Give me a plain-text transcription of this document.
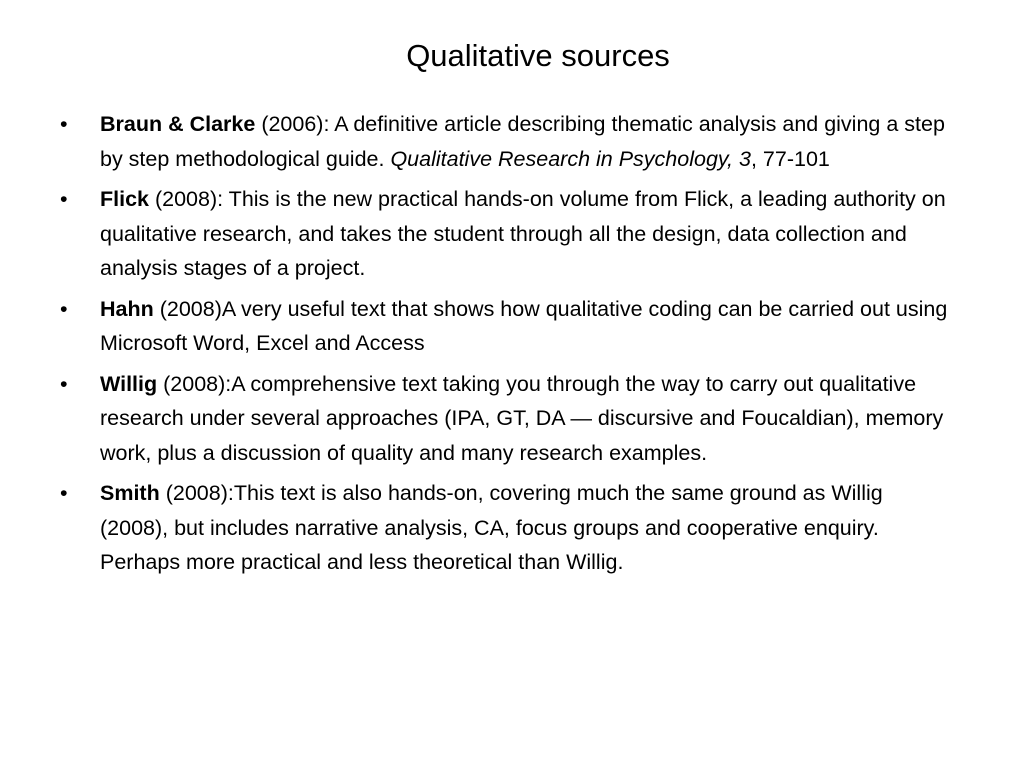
Qualitative sources
• Braun & Clarke (2006): A definitive article describing thematic analysis and giving a step by step methodological guide. Qualitative Research in Psychology, 3, 77-101
• Flick (2008): This is the new practical hands-on volume from Flick, a leading authority on qualitative research, and takes the student through all the design, data collection and analysis stages of a project.
• Hahn (2008)A very useful text that shows how qualitative coding can be carried out using Microsoft Word, Excel and Access
• Willig (2008):A comprehensive text taking you through the way to carry out qualitative research under several approaches (IPA, GT, DA — discursive and Foucaldian), memory work, plus a discussion of quality and many research examples.
• Smith (2008):This text is also hands-on, covering much the same ground as Willig (2008), but includes narrative analysis, CA, focus groups and cooperative enquiry. Perhaps more practical and less theoretical than Willig.
